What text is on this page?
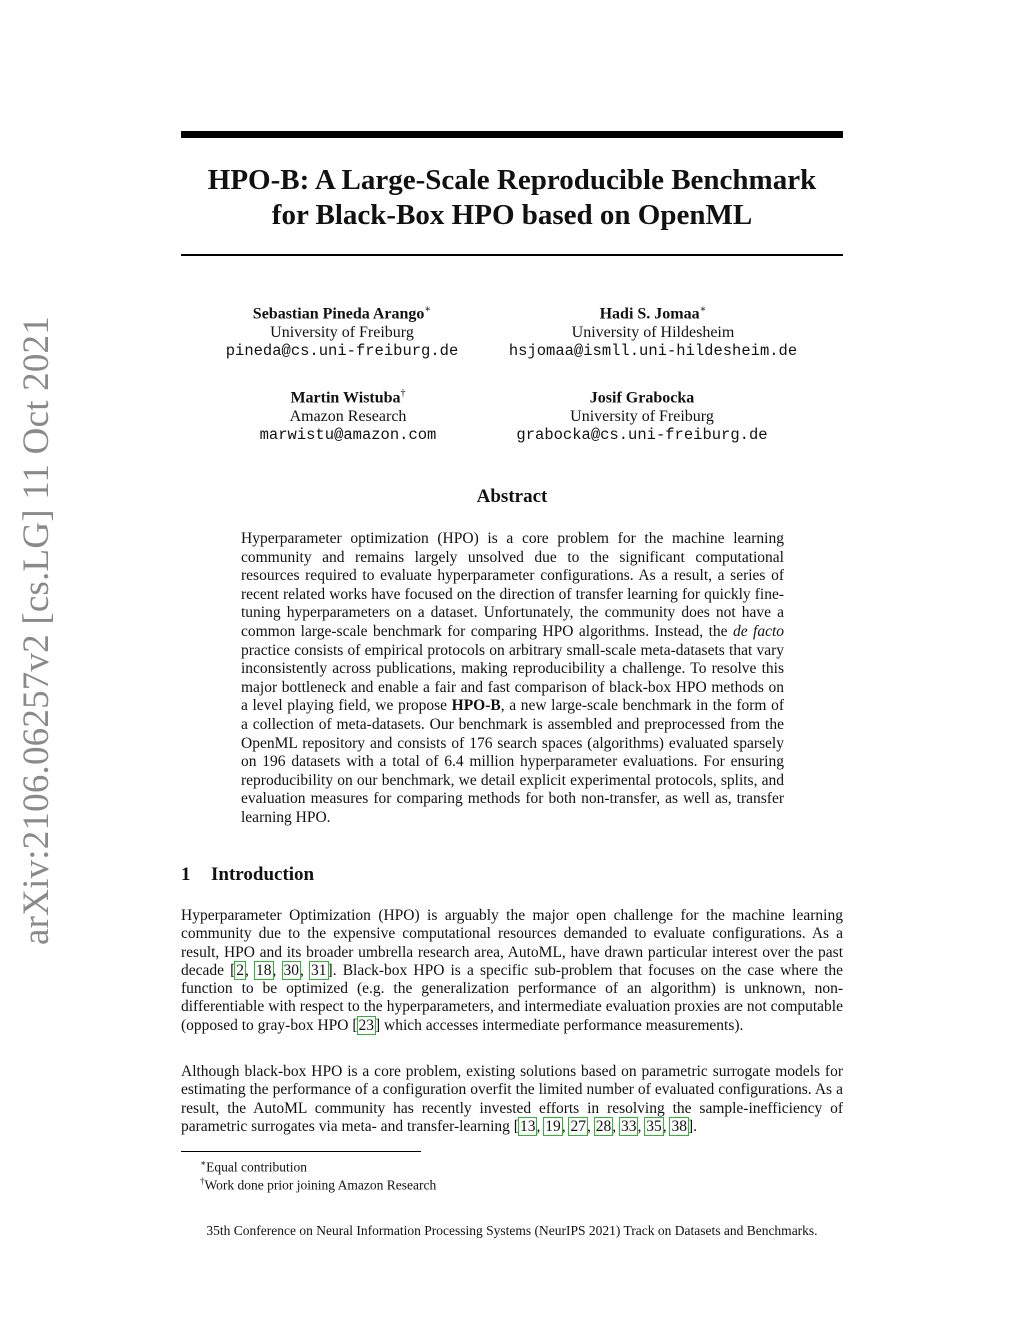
arXiv:2106.06257v2 [cs.LG] 11 Oct 2021
HPO-B: A Large-Scale Reproducible Benchmark
for Black-Box HPO based on OpenML
Sebastian Pineda Arango∗
University of Freiburg
pineda@cs.uni-freiburg.de
Hadi S. Jomaa∗
University of Hildesheim
hsjomaa@ismll.uni-hildesheim.de
Martin Wistuba†
Amazon Research
marwistu@amazon.com
Josif Grabocka
University of Freiburg
grabocka@cs.uni-freiburg.de
Abstract

Hyperparameter optimization (HPO) is a core problem for the machine learning community and remains largely unsolved due to the significant computational resources required to evaluate hyperparameter configurations. As a result, a series of recent related works have focused on the direction of transfer learning for quickly fine-tuning hyperparameters on a dataset. Unfortunately, the community does not have a common large-scale benchmark for comparing HPO algorithms. Instead, the de facto practice consists of empirical protocols on arbitrary small-scale meta-datasets that vary inconsistently across publications, making reproducibility a challenge. To resolve this major bottleneck and enable a fair and fast comparison of black-box HPO methods on a level playing field, we propose HPO-B, a new large-scale benchmark in the form of a collection of meta-datasets. Our benchmark is assembled and preprocessed from the OpenML repository and consists of 176 search spaces (algorithms) evaluated sparsely on 196 datasets with a total of 6.4 million hyperparameter evaluations. For ensuring reproducibility on our benchmark, we detail explicit experimental protocols, splits, and evaluation measures for comparing methods for both non-transfer, as well as, transfer learning HPO.

1 Introduction

Hyperparameter Optimization (HPO) is arguably the major open challenge for the machine learning community due to the expensive computational resources demanded to evaluate configurations. As a result, HPO and its broader umbrella research area, AutoML, have drawn particular interest over the past decade [2, 18, 30, 31]. Black-box HPO is a specific sub-problem that focuses on the case where the function to be optimized (e.g. the generalization performance of an algorithm) is unknown, non-differentiable with respect to the hyperparameters, and intermediate evaluation proxies are not computable (opposed to gray-box HPO [23] which accesses intermediate performance measurements).

Although black-box HPO is a core problem, existing solutions based on parametric surrogate models for estimating the performance of a configuration overfit the limited number of evaluated configurations. As a result, the AutoML community has recently invested efforts in resolving the sample-inefficiency of parametric surrogates via meta- and transfer-learning [13, 19, 27, 28, 33, 35, 38].

∗Equal contribution

†Work done prior joining Amazon Research

35th Conference on Neural Information Processing Systems (NeurIPS 2021) Track on Datasets and Benchmarks.
